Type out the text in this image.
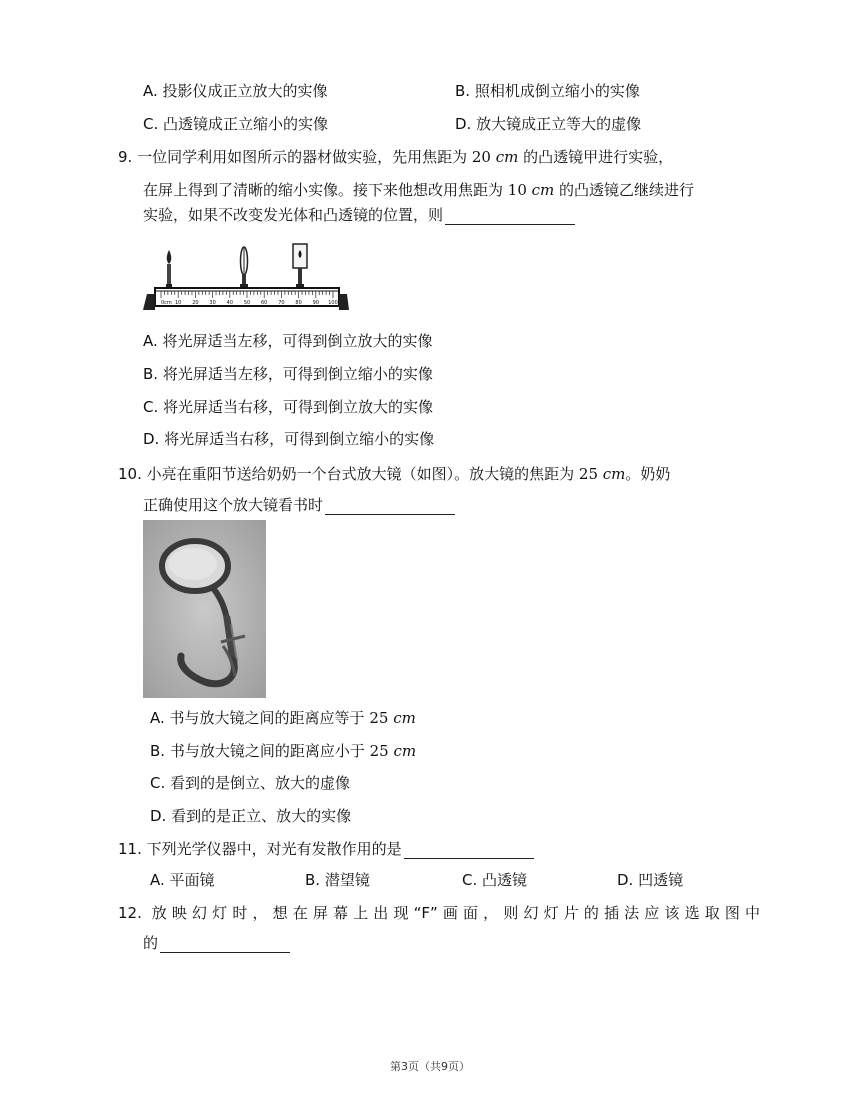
A. 投影仪成正立放大的实像	B. 照相机成倒立缩小的实像
C. 凸透镜成正立缩小的实像	D. 放大镜成正立等大的虚像
9. 一位同学利用如图所示的器材做实验，先用焦距为 20 cm 的凸透镜甲进行实验，
在屏上得到了清晰的缩小实像。接下来他想改用焦距为 10 cm 的凸透镜乙继续进行
实验，如果不改变发光体和凸透镜的位置，则
0cm 10 20 30 40 50 60 70 80 90 100
A. 将光屏适当左移，可得到倒立放大的实像
B. 将光屏适当左移，可得到倒立缩小的实像
C. 将光屏适当右移，可得到倒立放大的实像
D. 将光屏适当右移，可得到倒立缩小的实像
10. 小亮在重阳节送给奶奶一个台式放大镜（如图）。放大镜的焦距为 25 cm。奶奶
正确使用这个放大镜看书时
A. 书与放大镜之间的距离应等于 25 cm
B. 书与放大镜之间的距离应小于 25 cm
C. 看到的是倒立、放大的虚像
D. 看到的是正立、放大的实像
11. 下列光学仪器中，对光有发散作用的是
A. 平面镜	B. 潜望镜	C. 凸透镜	D. 凹透镜
12. 放映幻灯时，想在屏幕上出现“F”画面，则幻灯片的插法应该选取图中
的
第3页（共9页）
